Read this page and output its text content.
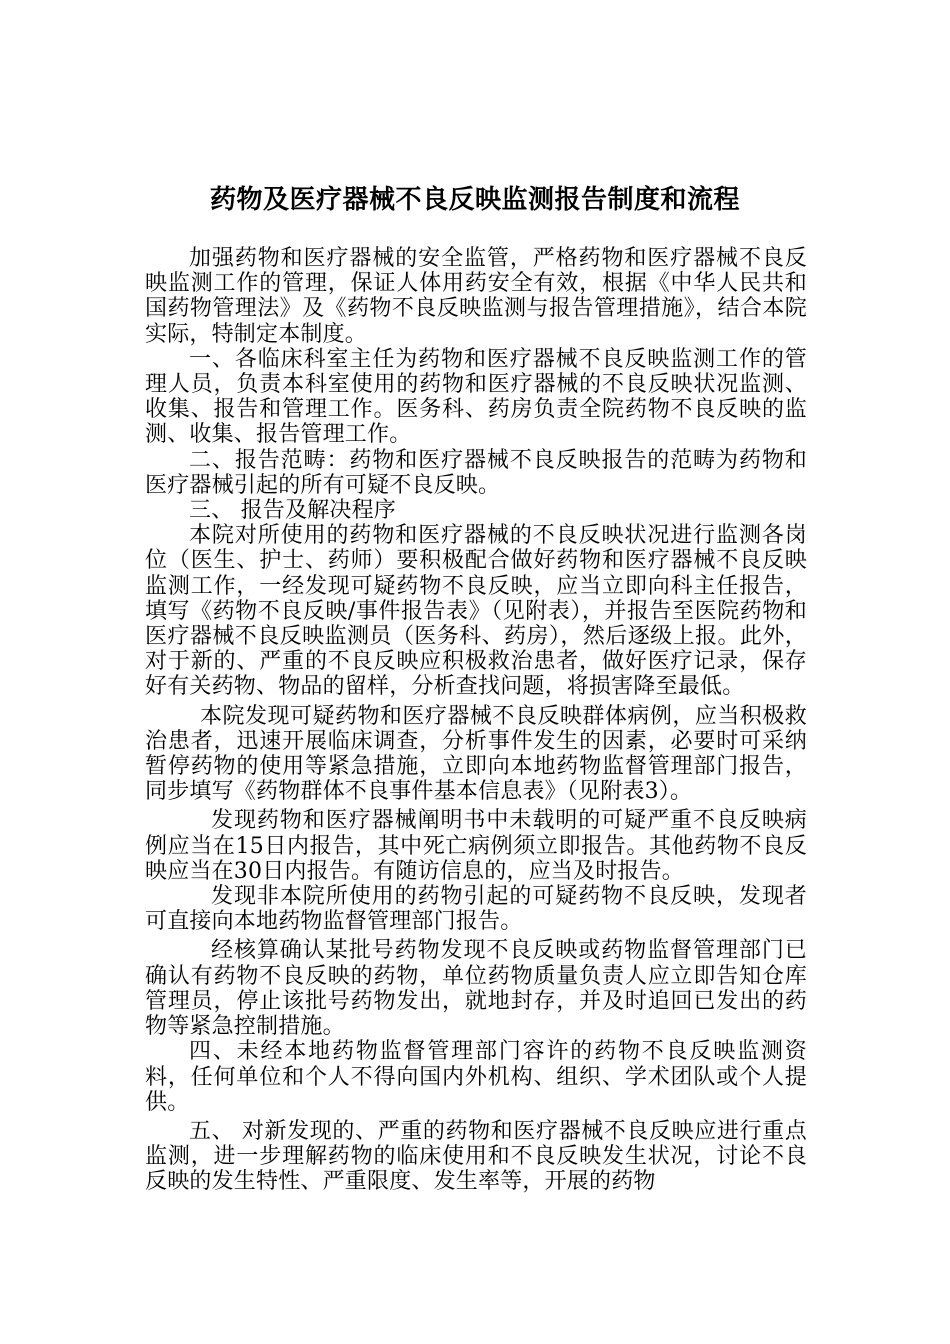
药物及医疗器械不良反映监测报告制度和流程

加强药物和医疗器械的安全监管，严格药物和医疗器械不良反映监测工作的管理，保证人体用药安全有效，根据《中华人民共和国药物管理法》及《药物不良反映监测与报告管理措施》，结合本院实际，特制定本制度。

一、各临床科室主任为药物和医疗器械不良反映监测工作的管理人员，负责本科室使用的药物和医疗器械的不良反映状况监测、收集、报告和管理工作。医务科、药房负责全院药物不良反映的监测、收集、报告管理工作。

二、报告范畴：药物和医疗器械不良反映报告的范畴为药物和医疗器械引起的所有可疑不良反映。

三、 报告及解决程序

本院对所使用的药物和医疗器械的不良反映状况进行监测各岗位（医生、护士、药师）要积极配合做好药物和医疗器械不良反映监测工作，一经发现可疑药物不良反映，应当立即向科主任报告，填写《药物不良反映/事件报告表》（见附表），并报告至医院药物和医疗器械不良反映监测员（医务科、药房），然后逐级上报。此外，对于新的、严重的不良反映应积极救治患者，做好医疗记录，保存好有关药物、物品的留样，分析查找问题，将损害降至最低。

本院发现可疑药物和医疗器械不良反映群体病例，应当积极救治患者，迅速开展临床调查，分析事件发生的因素，必要时可采纳暂停药物的使用等紧急措施，立即向本地药物监督管理部门报告，同步填写《药物群体不良事件基本信息表》（见附表3）。

发现药物和医疗器械阐明书中未载明的可疑严重不良反映病例应当在15日内报告，其中死亡病例须立即报告。其他药物不良反映应当在30日内报告。有随访信息的，应当及时报告。

发现非本院所使用的药物引起的可疑药物不良反映，发现者可直接向本地药物监督管理部门报告。

经核算确认某批号药物发现不良反映或药物监督管理部门已确认有药物不良反映的药物，单位药物质量负责人应立即告知仓库管理员，停止该批号药物发出，就地封存，并及时追回已发出的药物等紧急控制措施。

四、未经本地药物监督管理部门容许的药物不良反映监测资料，任何单位和个人不得向国内外机构、组织、学术团队或个人提供。

五、 对新发现的、严重的药物和医疗器械不良反映应进行重点监测，进一步理解药物的临床使用和不良反映发生状况，讨论不良反映的发生特性、严重限度、发生率等，开展的药物
